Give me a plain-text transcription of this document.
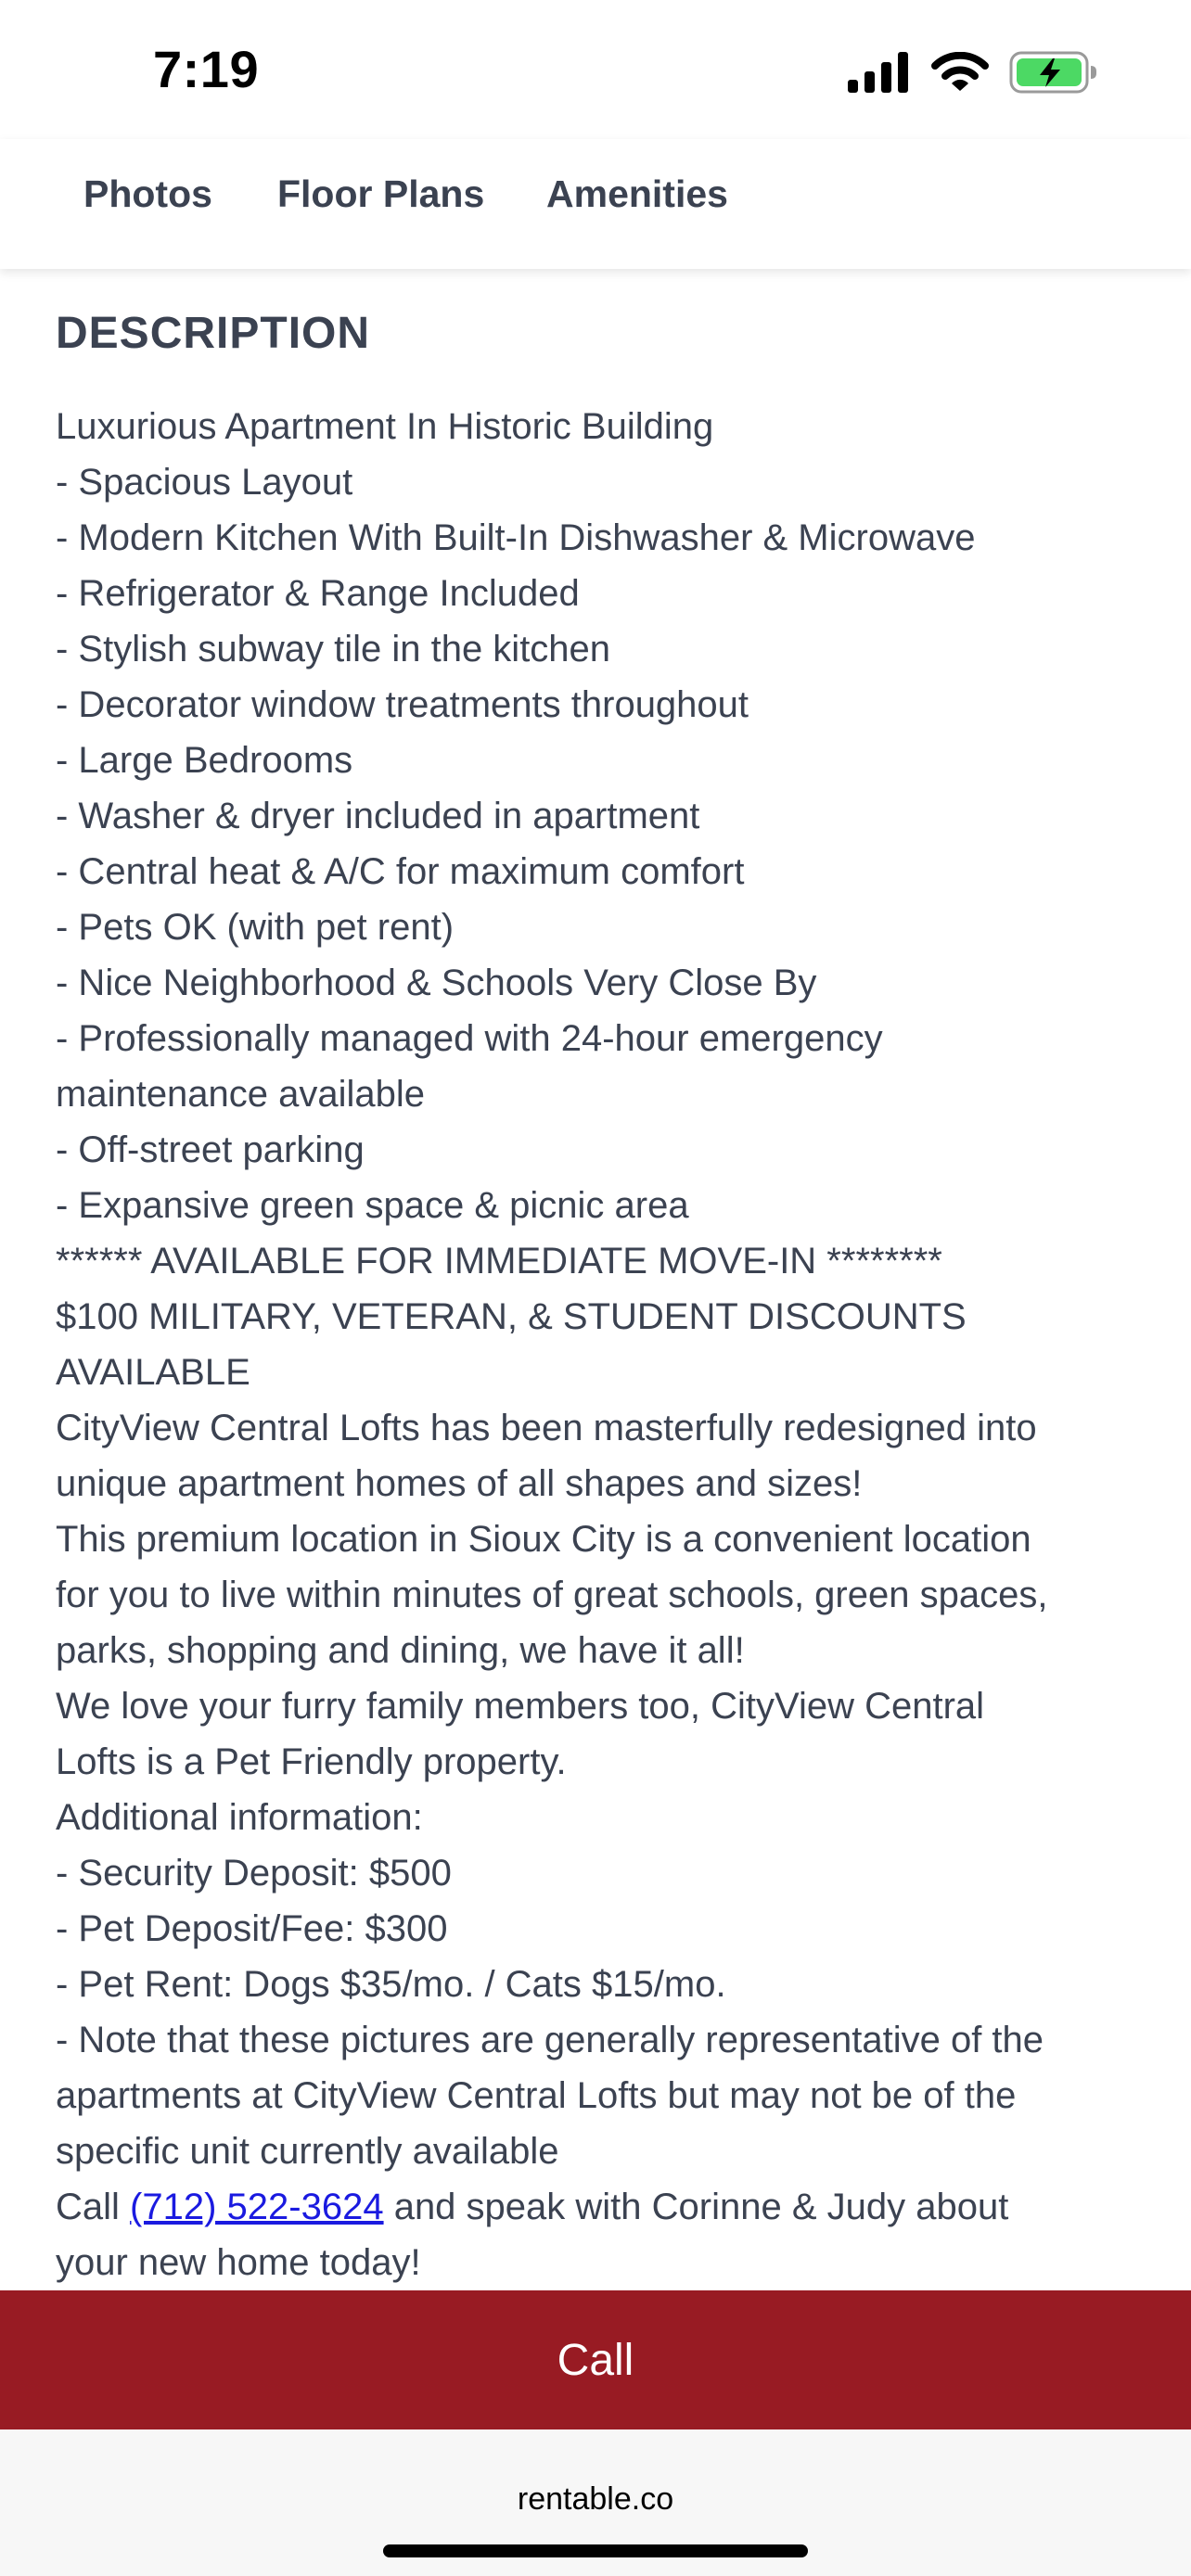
7:19
Photos Floor Plans Amenities
DESCRIPTION
Luxurious Apartment In Historic Building
- Spacious Layout
- Modern Kitchen With Built-In Dishwasher & Microwave
- Refrigerator & Range Included
- Stylish subway tile in the kitchen
- Decorator window treatments throughout
- Large Bedrooms
- Washer & dryer included in apartment
- Central heat & A/C for maximum comfort
- Pets OK (with pet rent)
- Nice Neighborhood & Schools Very Close By
- Professionally managed with 24-hour emergency
maintenance available
- Off-street parking
- Expansive green space & picnic area
****** AVAILABLE FOR IMMEDIATE MOVE-IN ********
$100 MILITARY, VETERAN, & STUDENT DISCOUNTS
AVAILABLE
CityView Central Lofts has been masterfully redesigned into
unique apartment homes of all shapes and sizes!
This premium location in Sioux City is a convenient location
for you to live within minutes of great schools, green spaces,
parks, shopping and dining, we have it all!
We love your furry family members too, CityView Central
Lofts is a Pet Friendly property.
Additional information:
- Security Deposit: $500
- Pet Deposit/Fee: $300
- Pet Rent: Dogs $35/mo. / Cats $15/mo.
- Note that these pictures are generally representative of the
apartments at CityView Central Lofts but may not be of the
specific unit currently available
Call (712) 522-3624 and speak with Corinne & Judy about
your new home today!
Call
rentable.co
